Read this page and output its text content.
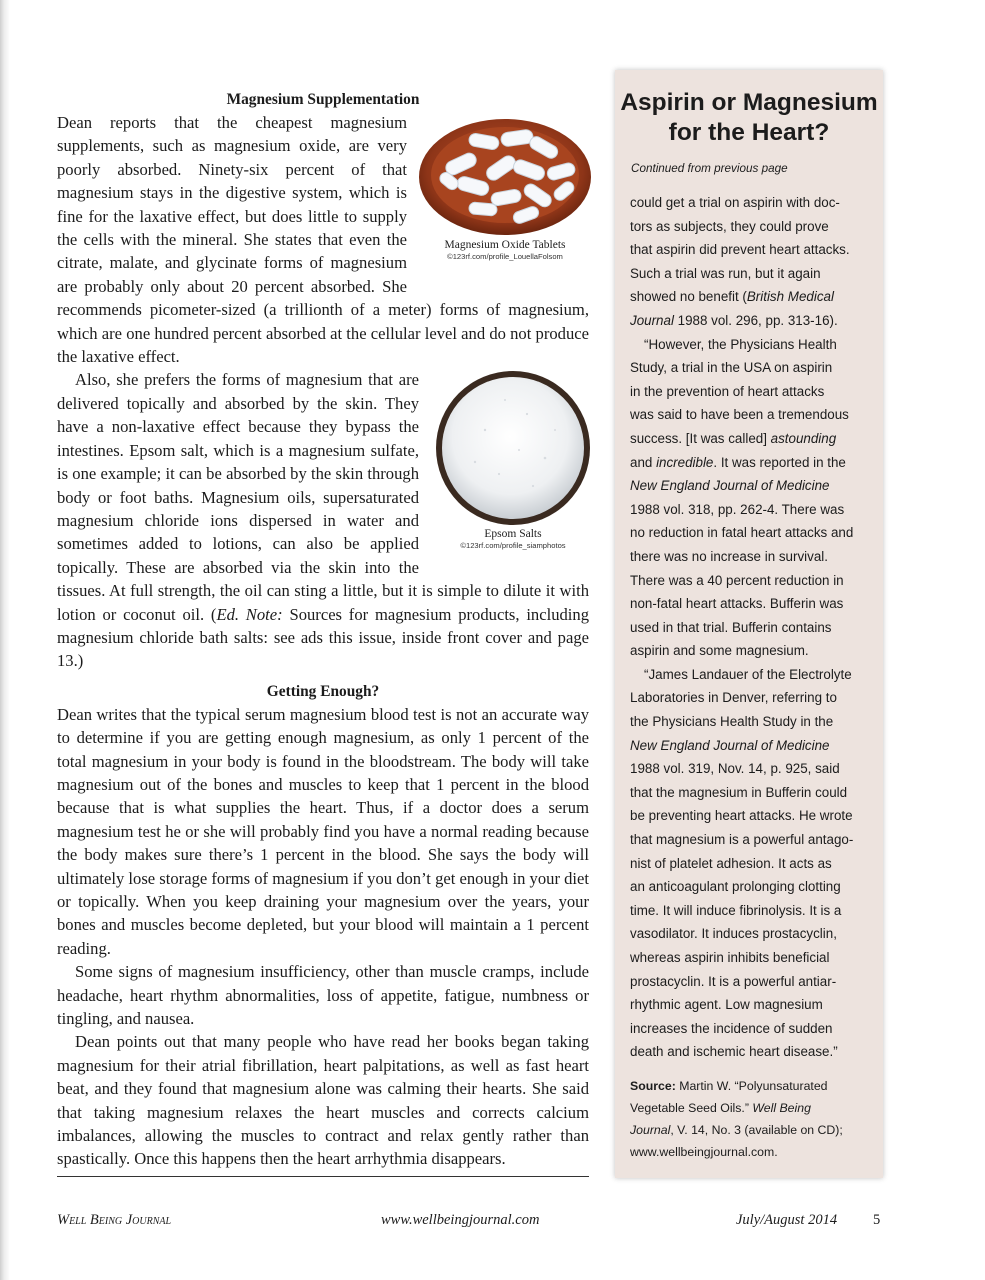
Magnesium Supplementation
Magnesium Oxide Tablets
©123rf.com/profile_LouellaFolsom

Dean reports that the cheapest magnesium supplements, such as magnesium oxide, are very poorly absorbed. Ninety-six percent of that magnesium stays in the digestive system, which is fine for the laxative effect, but does little to supply the cells with the mineral. She states that even the citrate, malate, and glycinate forms of magnesium are probably only about 20 percent absorbed. She recommends picometer-sized (a trillionth of a meter) forms of magnesium, which are one hundred percent absorbed at the cellular level and do not produce the laxative effect.

Epsom Salts
©123rf.com/profile_siamphotos

Also, she prefers the forms of magnesium that are delivered topically and absorbed by the skin. They have a non-laxative effect because they bypass the intestines. Epsom salt, which is a magnesium sulfate, is one example; it can be absorbed by the skin through body or foot baths. Magnesium oils, supersaturated magnesium chloride ions dispersed in water and sometimes added to lotions, can also be applied topically. These are absorbed via the skin into the tissues. At full strength, the oil can sting a little, but it is simple to dilute it with lotion or coconut oil. (Ed. Note: Sources for magnesium products, including magnesium chloride bath salts: see ads this issue, inside front cover and page 13.)

Getting Enough?

Dean writes that the typical serum magnesium blood test is not an accurate way to determine if you are getting enough magnesium, as only 1 percent of the total magnesium in your body is found in the bloodstream. The body will take magnesium out of the bones and muscles to keep that 1 percent in the blood because that is what supplies the heart. Thus, if a doctor does a serum magnesium test he or she will probably find you have a normal reading because the body makes sure there’s 1 percent in the blood. She says the body will ultimately lose storage forms of magnesium if you don’t get enough in your diet or topically. When you keep draining your magnesium over the years, your bones and muscles become depleted, but your blood will maintain a 1 percent reading.

Some signs of magnesium insufficiency, other than muscle cramps, include headache, heart rhythm abnormalities, loss of appetite, fatigue, numbness or tingling, and nausea.

Dean points out that many people who have read her books began taking magnesium for their atrial fibrillation, heart palpitations, as well as fast heart beat, and they found that magnesium alone was calming their hearts. She said that taking magnesium relaxes the heart muscles and corrects calcium imbalances, allowing the muscles to contract and relax gently rather than spastically. Once this happens then the heart arrhythmia disappears.

Aspirin or Magnesium
for the Heart?
Continued from previous page

could get a trial on aspirin with doc-

tors as subjects, they could prove

that aspirin did prevent heart attacks.

Such a trial was run, but it again

showed no benefit (British Medical

Journal 1988 vol. 296, pp. 313-16).

“However, the Physicians Health

Study, a trial in the USA on aspirin

in the prevention of heart attacks

was said to have been a tremendous

success. [It was called] astounding

and incredible. It was reported in the

New England Journal of Medicine

1988 vol. 318, pp. 262-4. There was

no reduction in fatal heart attacks and

there was no increase in survival.

There was a 40 percent reduction in

non-fatal heart attacks. Bufferin was

used in that trial. Bufferin contains

aspirin and some magnesium.

“James Landauer of the Electrolyte

Laboratories in Denver, referring to

the Physicians Health Study in the

New England Journal of Medicine

1988 vol. 319, Nov. 14, p. 925, said

that the magnesium in Bufferin could

be preventing heart attacks. He wrote

that magnesium is a powerful antago-

nist of platelet adhesion. It acts as

an anticoagulant prolonging clotting

time. It will induce fibrinolysis. It is a

vasodilator. It induces prostacyclin,

whereas aspirin inhibits beneficial

prostacyclin. It is a powerful antiar-

rhythmic agent. Low magnesium

increases the incidence of sudden

death and ischemic heart disease.”

Source: Martin W. “Polyunsaturated

Vegetable Seed Oils.” Well Being

Journal, V. 14, No. 3 (available on CD);

www.wellbeingjournal.com.

Well Being Journal	www.wellbeingjournal.com	July/August 2014 5
